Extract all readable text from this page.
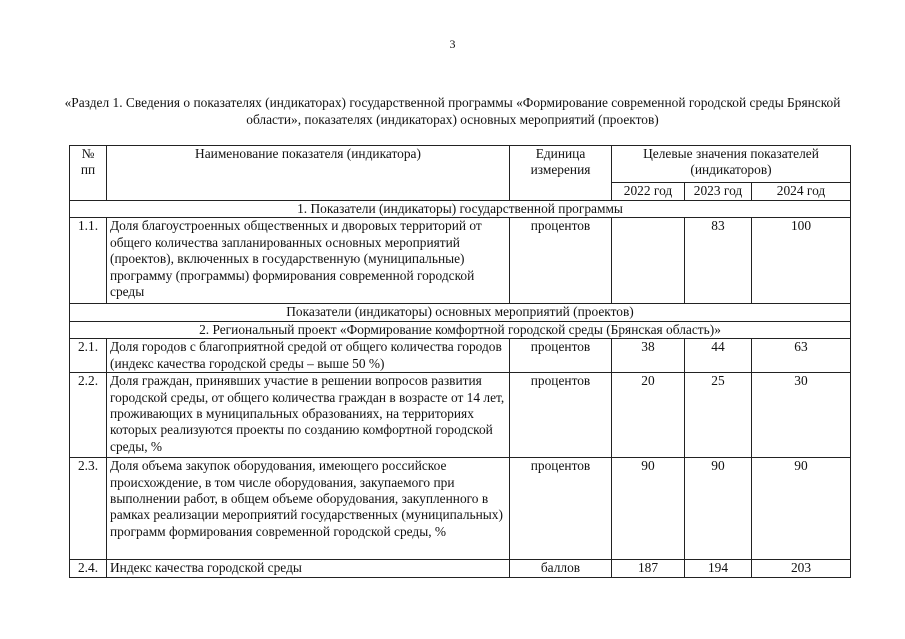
3
«Раздел 1. Сведения о показателях (индикаторах) государственной программы «Формирование современной городской среды Брянской области», показателях (индикаторах) основных мероприятий (проектов)
№ пп	Наименование показателя (индикатора)	Единица измерения	Целевые значения показателей (индикаторов)		
			2022 год	2023 год	2024 год
1. Показатели (индикаторы) государственной программы					
1.1.	Доля благоустроенных общественных и дворовых территорий от общего количества запланированных основных мероприятий (проектов), включенных в государственную (муниципальные) программу (программы) формирования современной городской среды	процентов		83	100
Показатели (индикаторы) основных мероприятий (проектов)					
2. Региональный проект «Формирование комфортной городской среды (Брянская область)»					
2.1.	Доля городов с благоприятной средой от общего количества городов (индекс качества городской среды – выше 50 %)	процентов	38	44	63
2.2.	Доля граждан, принявших участие в решении вопросов развития городской среды, от общего количества граждан в возрасте от 14 лет, проживающих в муниципальных образованиях, на территориях которых реализуются проекты по созданию комфортной городской среды, %	процентов	20	25	30
2.3.	Доля объема закупок оборудования, имеющего российское происхождение, в том числе оборудования, закупаемого при выполнении работ, в общем объеме оборудования, закупленного в рамках реализации мероприятий государственных (муниципальных) программ формирования современной городской среды, %	процентов	90	90	90
2.4.	Индекс качества городской среды	баллов	187	194	203
